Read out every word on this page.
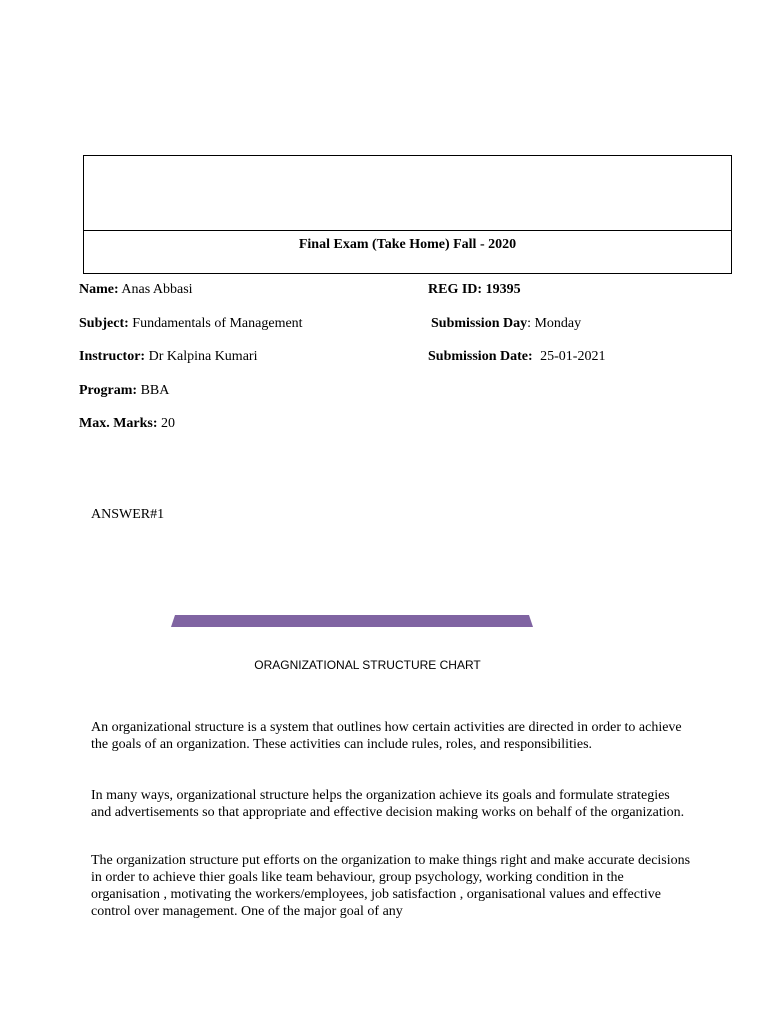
Final Exam (Take Home) Fall - 2020
Name: Anas Abbasi	REG ID: 19395
Subject: Fundamentals of Management	Submission Day: Monday
Instructor: Dr Kalpina Kumari	Submission Date: 25-01-2021
Program: BBA
Max. Marks: 20
ANSWER#1
ORAGNIZATIONAL STRUCTURE CHART

An organizational structure is a system that outlines how certain activities are directed in order to achieve the goals of an organization. These activities can include rules, roles, and responsibilities.

In many ways, organizational structure helps the organization achieve its goals and formulate strategies and advertisements so that appropriate and effective decision making works on behalf of the organization.

The organization structure put efforts on the organization to make things right and make accurate decisions in order to achieve thier goals like team behaviour, group psychology, working condition in the organisation , motivating the workers/employees, job satisfaction , organisational values and effective control over management. One of the major goal of any
